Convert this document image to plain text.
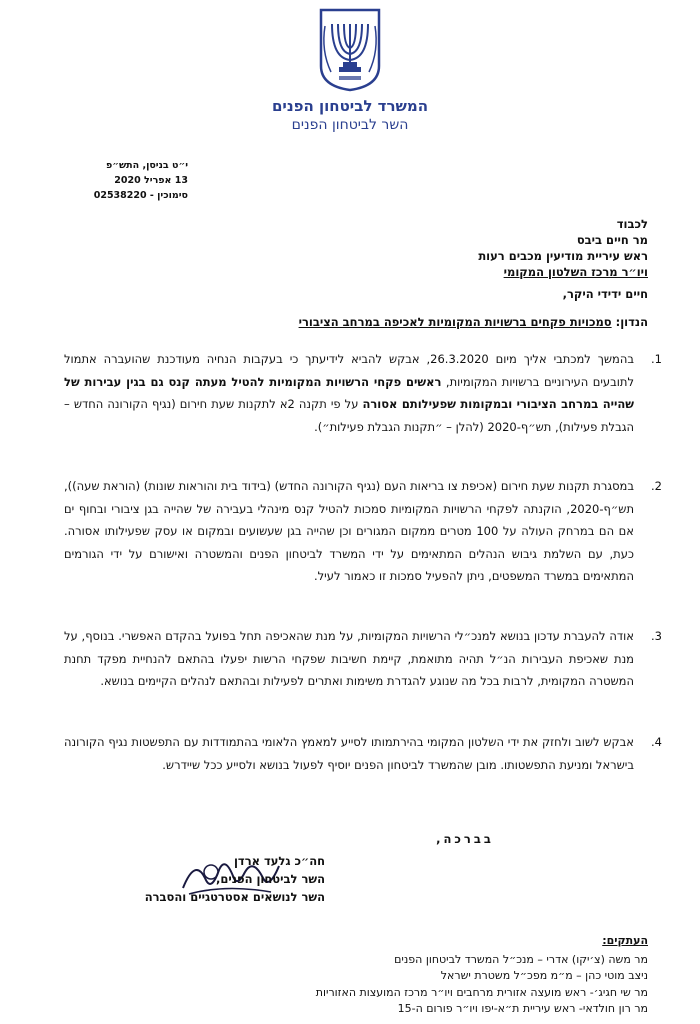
המשרד לביטחון הפנים
השר לביטחון הפנים
י״ט בניסן, התש״פ
13 אפריל 2020
סימוכין - 02538220
לכבוד
מר חיים ביבס
ראש עיריית מודיעין מכבים רעות
ויו״ר מרכז השלטון המקומי
חיים ידידי היקר,
הנדון: סמכויות פקחים ברשויות המקומיות לאכיפה במרחב הציבורי
1.
בהמשך למכתבי אליך מיום 26.3.2020, אבקש להביא לידיעתך כי בעקבות הנחיה מעודכנת שהועברה אתמול לתובעים העירוניים ברשויות המקומיות, ראשים פקחי הרשויות המקומיות להטיל מעתה קנס גם בגין עבירות של שהייה במרחב הציבורי ובמקומות שפעילותם אסורה על פי תקנה 2א לתקנות שעת חירום (נגיף הקורונה החדש – הגבלת פעילות), תש״ף-2020 (להלן – ״תקנות הגבלת פעילות״).
2.
במסגרת תקנות שעת חירום (אכיפת צו בריאות העם (נגיף הקורונה החדש) (בידוד בית והוראות שונות) (הוראת שעה)), תש״ף-2020, הוקנתה לפקחי הרשויות המקומיות סמכות להטיל קנס מינהלי בעבירה של שהייה בגן ציבורי ובחוף ים אם הם במרחק העולה על 100 מטרים ממקום המגורים וכן שהייה בגן שעשועים ובמקום או עסק שפעילותו אסורה. כעת, עם השלמת גיבוש הנהלים המתאימים על ידי המשרד לביטחון הפנים והמשטרה ואישורם על ידי הגורמים המתאימים במשרד המשפטים, ניתן להפעיל סמכות זו כאמור לעיל.
3.
אודה להעברת עדכון בנושא למנכ״לי הרשויות המקומיות, על מנת שהאכיפה תחל בפועל בהקדם האפשרי. בנוסף, על מנת שאכיפת העבירות הנ״ל תהיה מתואמת, קיימת חשיבות שפקחי הרשות יפעלו בהתאם להנחיית מפקד תחנת המשטרה המקומית, לרבות בכל מה שנוגע להגדרת משימות ואתרים לפעילות ובהתאם לנהלים הקיימים בנושא.
4.
אבקש לשוב ולחזק את ידי השלטון המקומי בהירתמותו לסייע למאמץ הלאומי בהתמודדות עם התפשטות נגיף הקורונה בישראל ומניעת התפשטותו. מובן שהמשרד לביטחון הפנים יוסיף לפעול בנושא ולסייע ככל שיידרש.
בברכה,
חה״כ גלעד ארדן
השר לביטחון הפנים,
השר לנושאים אסטרטגיים והסברה
העתקים:
מר משה (צ׳יקו) אדרי – מנכ״ל המשרד לביטחון הפנים
ניצב מוטי כהן – מ״מ מפכ״ל משטרת ישראל
מר שי חגיג׳- ראש מועצה אזורית מרחבים ויו״ר מרכז המועצות האזוריות
מר רון חולדאי- ראש עיריית ת״א-יפו ויו״ר פורום ה-15
